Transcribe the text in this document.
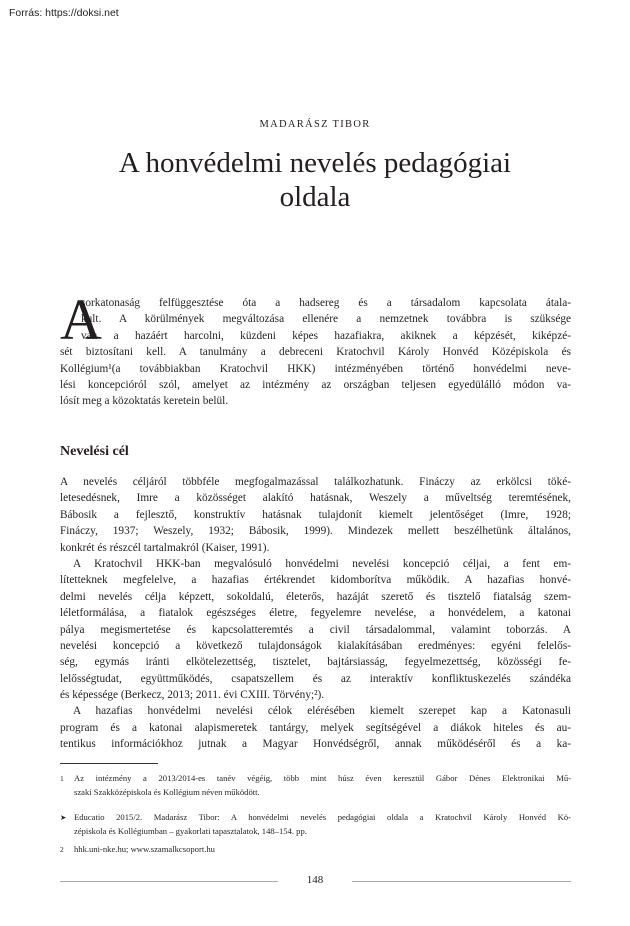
Forrás: https://doksi.net
MADARÁSZ TIBOR
A honvédelmi nevelés pedagógiai
oldala
A
sorkatonaság felfüggesztése óta a hadsereg és a társadalom kapcsolata átala-
kult. A körülmények megváltozása ellenére a nemzetnek továbbra is szüksége
van a hazáért harcolni, küzdeni képes hazafiakra, akiknek a képzését, kiképzé-
sét biztosítani kell. A tanulmány a debreceni Kratochvil Károly Honvéd Középiskola és
Kollégium¹(a továbbiakban Kratochvil HKK) intézményében történő honvédelmi neve-
lési koncepcióról szól, amelyet az intézmény az országban teljesen egyedülálló módon va-
lósít meg a közoktatás keretein belül.
Nevelési cél
A nevelés céljáról többféle megfogalmazással találkozhatunk. Fináczy az erkölcsi töké-
letesedésnek, Imre a közösséget alakító hatásnak, Weszely a műveltség teremtésének,
Bábosik a fejlesztő, konstruktív hatásnak tulajdonít kiemelt jelentőséget (Imre, 1928;
Fináczy, 1937; Weszely, 1932; Bábosik, 1999). Mindezek mellett beszélhetünk általános,
konkrét és részcél tartalmakról (Kaiser, 1991).
A Kratochvil HKK-ban megvalósuló honvédelmi nevelési koncepció céljai, a fent em-
lítetteknek megfelelve, a hazafias értékrendet kidomborítva működik. A hazafias honvé-
delmi nevelés célja képzett, sokoldalú, életerős, hazáját szerető és tisztelő fiatalság szem-
léletformálása, a fiatalok egészséges életre, fegyelemre nevelése, a honvédelem, a katonai
pálya megismertetése és kapcsolatteremtés a civil társadalommal, valamint toborzás. A
nevelési koncepció a következő tulajdonságok kialakításában eredményes: egyéni felelős-
ség, egymás iránti elkötelezettség, tisztelet, bajtársiasság, fegyelmezettség, közösségi fe-
lelősségtudat, együttműködés, csapatszellem és az interaktív konfliktuskezelés szándéka
és képessége (Berkecz, 2013; 2011. évi CXIII. Törvény;²).
A hazafias honvédelmi nevelési célok elérésében kiemelt szerepet kap a Katonasuli
program és a katonai alapismeretek tantárgy, melyek segítségével a diákok hiteles és au-
tentikus információkhoz jutnak a Magyar Honvédségről, annak működéséről és a ka-
1 Az intézmény a 2013/2014-es tanév végéig, több mint húsz éven keresztül Gábor Dénes Elektronikai Mű-
szaki Szakközépiskola és Kollégium néven működött.
➤ Educatio 2015/2. Madarász Tibor: A honvédelmi nevelés pedagógiai oldala a Kratochvil Károly Honvéd Kö-
zépiskola és Kollégiumban – gyakorlati tapasztalatok, 148–154. pp.
2 hhk.uni-nke.hu; www.szamalkcsoport.hu
148
